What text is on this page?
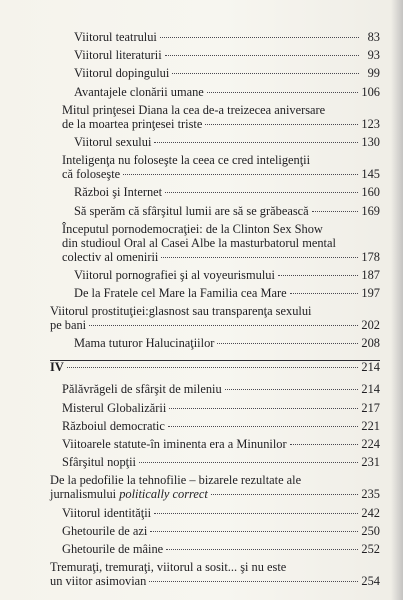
Viitorul teatrului	83
Viitorul literaturii	93
Viitorul dopingului	99
Avantajele clonării umane	106
Mitul prinţesei Diana la cea de-a treizecea aniversare
de la moartea prinţesei triste	123
Viitorul sexului	130
Inteligenţa nu foloseşte la ceea ce cred inteligenţii
că foloseşte	145
Război şi Internet	160
Să sperăm că sfârşitul lumii are să se grăbească	169
Începutul pornodemocraţiei: de la Clinton Sex Show
din studioul Oral al Casei Albe la masturbatorul mental
colectiv al omenirii	178
Viitorul pornografiei şi al voyeurismului	187
De la Fratele cel Mare la Familia cea Mare	197
Viitorul prostituţiei:glasnost sau transparenţa sexului
pe bani	202
Mama tuturor Halucinaţiilor	208
IV	214
Pălăvrăgeli de sfârşit de mileniu	214
Misterul Globalizării	217
Războiul democratic	221
Viitoarele statute-în iminenta era a Minunilor	224
Sfârşitul nopţii	231
De la pedofilie la tehnofilie – bizarele rezultate ale
jurnalismului politically correct	235
Viitorul identităţii	242
Ghetourile de azi	250
Ghetourile de mâine	252
Tremuraţi, tremuraţi, viitorul a sosit... şi nu este
un viitor asimovian	254
